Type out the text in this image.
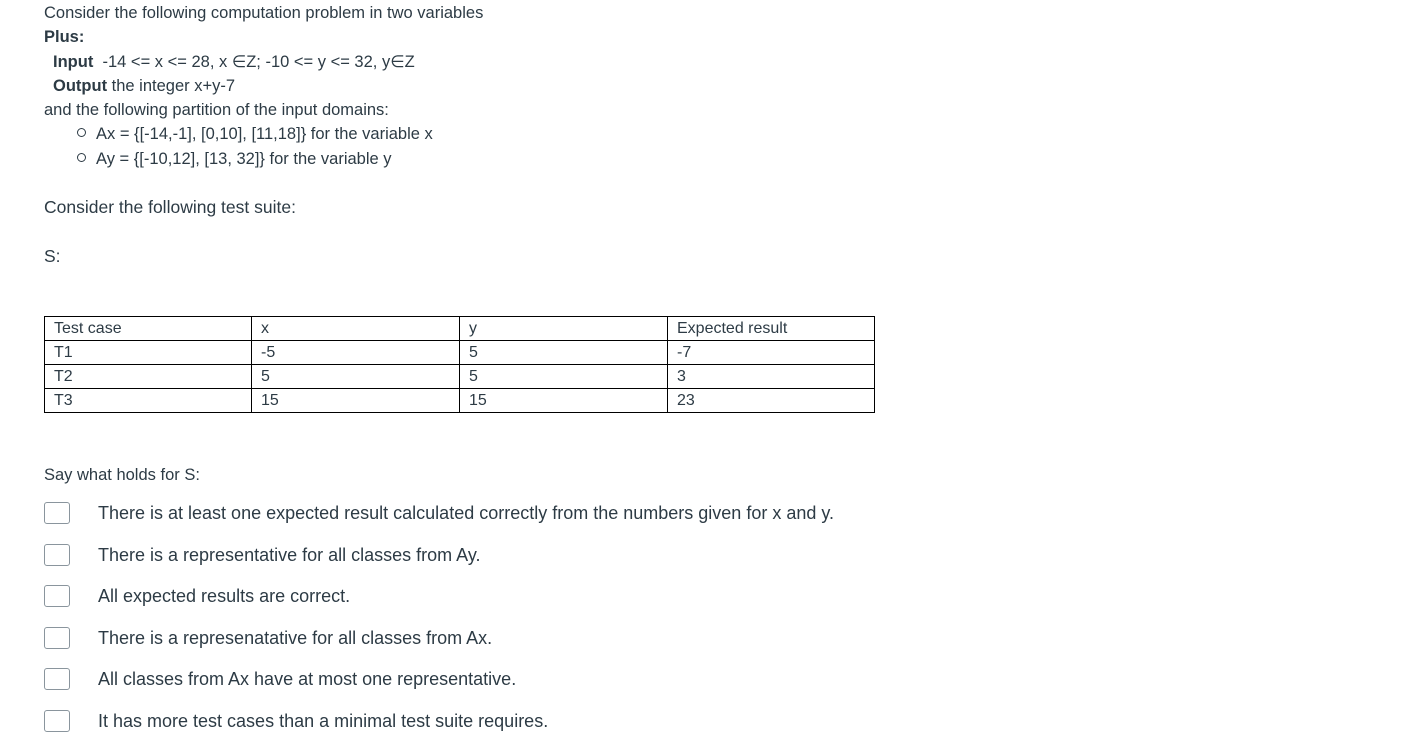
Consider the following computation problem in two variables
Plus:
Input -14 <= x <= 28, x ∈Z; -10 <= y <= 32, y∈Z
Output the integer x+y-7
and the following partition of the input domains:
Ax = {[-14,-1], [0,10], [11,18]} for the variable x
Ay = {[-10,12], [13, 32]} for the variable y
Consider the following test suite:
S:
Test case	x	y	Expected result
T1	-5	5	-7
T2	5	5	3
T3	15	15	23
Say what holds for S:
There is at least one expected result calculated correctly from the numbers given for x and y.
There is a representative for all classes from Ay.
All expected results are correct.
There is a represenatative for all classes from Ax.
All classes from Ax have at most one representative.
It has more test cases than a minimal test suite requires.
